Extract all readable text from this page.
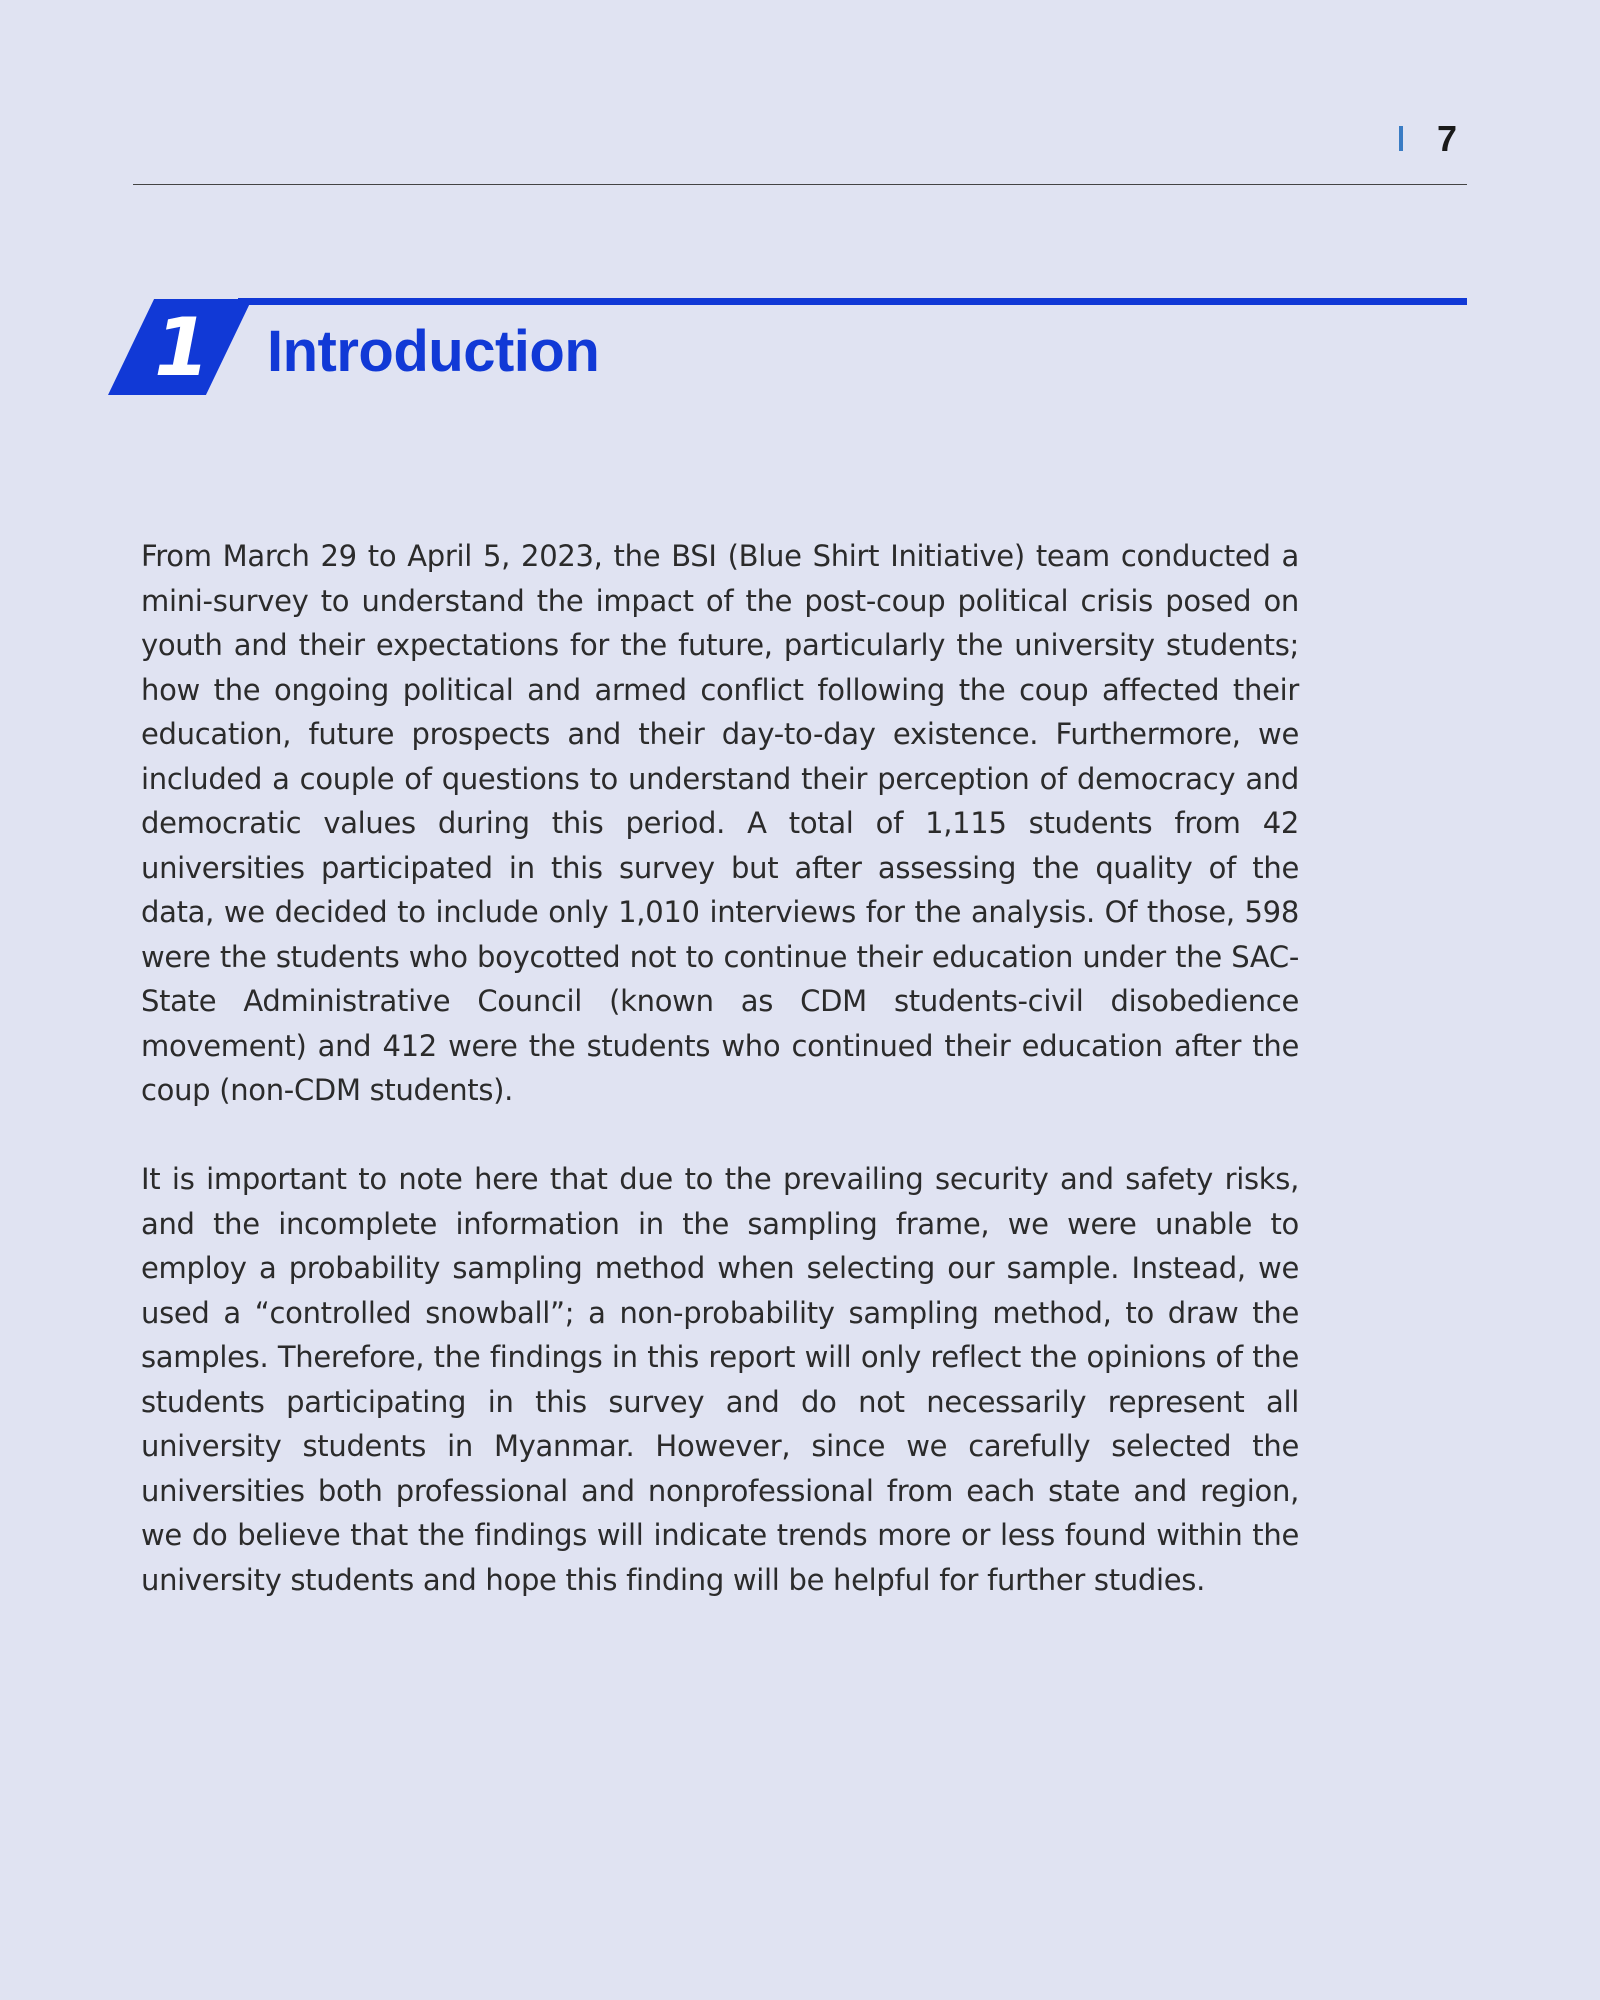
7
1 Introduction

From March 29 to April 5, 2023, the BSI (Blue Shirt Initiative) team conducted a mini-survey to understand the impact of the post-coup political crisis posed on youth and their expectations for the future, particularly the university students; how the ongoing political and armed conflict following the coup affected their education, future prospects and their day-to-day existence. Furthermore, we included a couple of questions to understand their perception of democracy and democratic values during this period. A total of 1,115 students from 42 universities participated in this survey but after assessing the quality of the data, we decided to include only 1,010 interviews for the analysis. Of those, 598 were the students who boycotted not to continue their education under the SAC-State Administrative Council (known as CDM students-civil disobedience movement) and 412 were the students who continued their education after the coup (non-CDM students).

It is important to note here that due to the prevailing security and safety risks, and the incomplete information in the sampling frame, we were unable to employ a probability sampling method when selecting our sample. Instead, we used a “controlled snowball”; a non-probability sampling method, to draw the samples. Therefore, the findings in this report will only reflect the opinions of the students participating in this survey and do not necessarily represent all university students in Myanmar. However, since we carefully selected the universities both professional and nonprofessional from each state and region, we do believe that the findings will indicate trends more or less found within the university students and hope this finding will be helpful for further studies.
